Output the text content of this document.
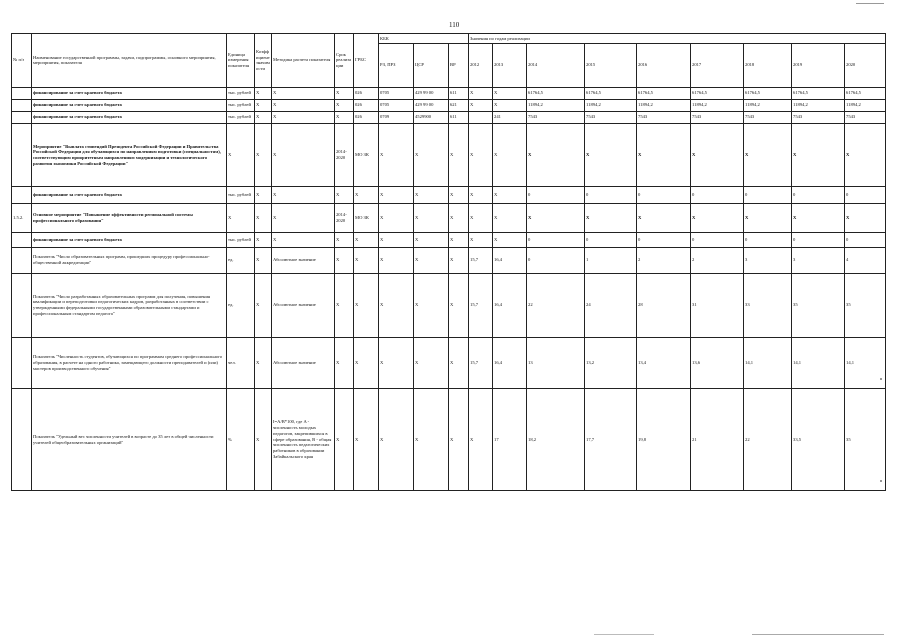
110
№ п/з	Наименование государственной программы, задачи, подпрограммы, основного мероприятия, мероприятия, показателя	Единица измерения показателя	Коэффициент значимости	Методика расчета показателя	Срок реализации	ГРБС	КБК			Значения по годам реализации								
							РЗ, ПРЗ	ЦСР	ВР	2012	2013	2014	2015	2016	2017	2018	2019	2020
	финансирование за счет краевого бюджета	тыс. рублей	X	X	X	026	0705	429 99 00	611	X	X	61764,5	61764,5	61764,5	61764,5	61764,5	61764,5	61764,5
	финансирование за счет краевого бюджета	тыс. рублей	X	X	X	026	0705	429 99 00	621	X	X	11894,2	11894,2	11894,2	11894,2	11894,2	11894,2	11894,2
	финансирование за счет краевого бюджета	тыс. рублей	X	X	X	026	0709	4529900	611		241	7543	7543	7543	7543	7543	7543	7543
	Мероприятие "Выплата стипендий Президента Российской Федерации и Правительства Российской Федерации для обучающихся по направлениям подготовки (специальностям), соответствующим приоритетным направлениям модернизации и технологического развития экономики Российской Федерации"	X	X	X	2014-2020	МО ЗК	X	X	X	X	X	X	X	X	X	X	X	X
	финансирование за счет краевого бюджета	тыс. рублей	X	X	X	X	X	X	X	X	X	0	0	0	0	0	0	0
1.5.2.	Основное мероприятие "Повышение эффективности региональной системы профессионального образования"	X	X	X	2014-2020	МО ЗК	X	X	X	X	X	X	X	X	X	X	X	X
	финансирование за счет краевого бюджета	тыс. рублей	X	X	X	X	X	X	X	X	X	0	0	0	0	0	0	0
	Показатель "Число образовательных программ, прошедших процедуру профессионально-общественной аккредитации"	ед.	X	Абсолютное значение	X	X	X	X	X	15,7	16,4	0	1	2	2	3	3	4
	Показатель "Число разработанных образовательных программ для получения, повышения квалификации и переподготовки педагогических кадров, разработанных в соответствии с утвержденными федеральными государственными образовательными стандартами и профессиональным стандартом педагога"	ед.	X	Абсолютное значение	X	X	X	X	X	15,7	16,4	22	24	28	31	33	35	35
	Показатель "Численность студентов, обучающихся по программам среднего профессионального образования, в расчете на одного работника, замещающего должности преподавателей и (или) мастеров производственного обучения"	чел.	X	Абсолютное значение	X	X	X	X	X	15,7	16,4	13	13,2	13,4	13,6	14,1	14,1	14,1
	Показатель "Удельный вес численности учителей в возрасте до 35 лет в общей численности учителей общеобразовательных организаций"	%	X	I=A/B*100, где A - численность молодых педагогов, закрепившихся в сфере образования, B - общая численность педагогических работников в образовании Забайкальского края	X	X	X	X	X	X	17	18,2	17,7	19,8	21	22	33,5	35
